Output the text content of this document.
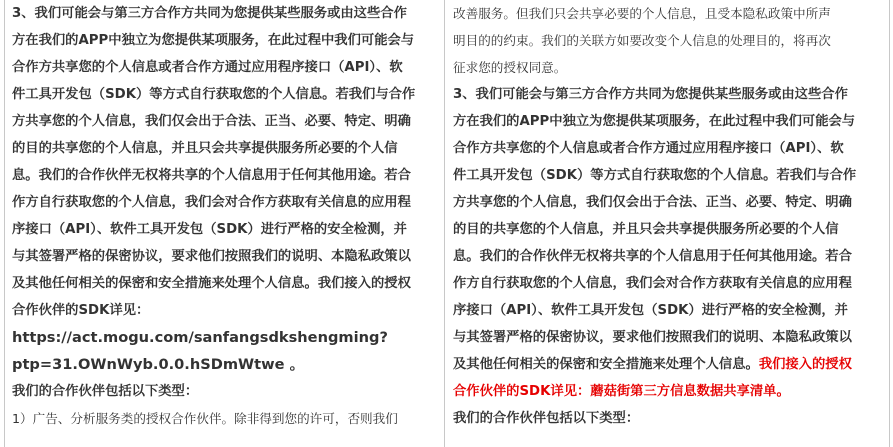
3、我们可能会与第三方合作方共同为您提供某些服务或由这些合作
方在我们的APP中独立为您提供某项服务，在此过程中我们可能会与
合作方共享您的个人信息或者合作方通过应用程序接口（API）、软
件工具开发包（SDK）等方式自行获取您的个人信息。若我们与合作
方共享您的个人信息，我们仅会出于合法、正当、必要、特定、明确
的目的共享您的个人信息，并且只会共享提供服务所必要的个人信
息。我们的合作伙伴无权将共享的个人信息用于任何其他用途。若合
作方自行获取您的个人信息，我们会对合作方获取有关信息的应用程
序接口（API）、软件工具开发包（SDK）进行严格的安全检测，并
与其签署严格的保密协议，要求他们按照我们的说明、本隐私政策以
及其他任何相关的保密和安全措施来处理个人信息。我们接入的授权
合作伙伴的SDK详见：
https://act.mogu.com/sanfangsdkshengming?
ptp=31.OWnWyb.0.0.hSDmWtwe 。
我们的合作伙伴包括以下类型：
1）广告、分析服务类的授权合作伙伴。除非得到您的许可，否则我们
改善服务。但我们只会共享必要的个人信息，且受本隐私政策中所声
明目的的约束。我们的关联方如要改变个人信息的处理目的，将再次
征求您的授权同意。
3、我们可能会与第三方合作方共同为您提供某些服务或由这些合作
方在我们的APP中独立为您提供某项服务，在此过程中我们可能会与
合作方共享您的个人信息或者合作方通过应用程序接口（API）、软
件工具开发包（SDK）等方式自行获取您的个人信息。若我们与合作
方共享您的个人信息，我们仅会出于合法、正当、必要、特定、明确
的目的共享您的个人信息，并且只会共享提供服务所必要的个人信
息。我们的合作伙伴无权将共享的个人信息用于任何其他用途。若合
作方自行获取您的个人信息，我们会对合作方获取有关信息的应用程
序接口（API）、软件工具开发包（SDK）进行严格的安全检测，并
与其签署严格的保密协议，要求他们按照我们的说明、本隐私政策以
及其他任何相关的保密和安全措施来处理个人信息。我们接入的授权
合作伙伴的SDK详见：蘑菇街第三方信息数据共享清单。
我们的合作伙伴包括以下类型：
